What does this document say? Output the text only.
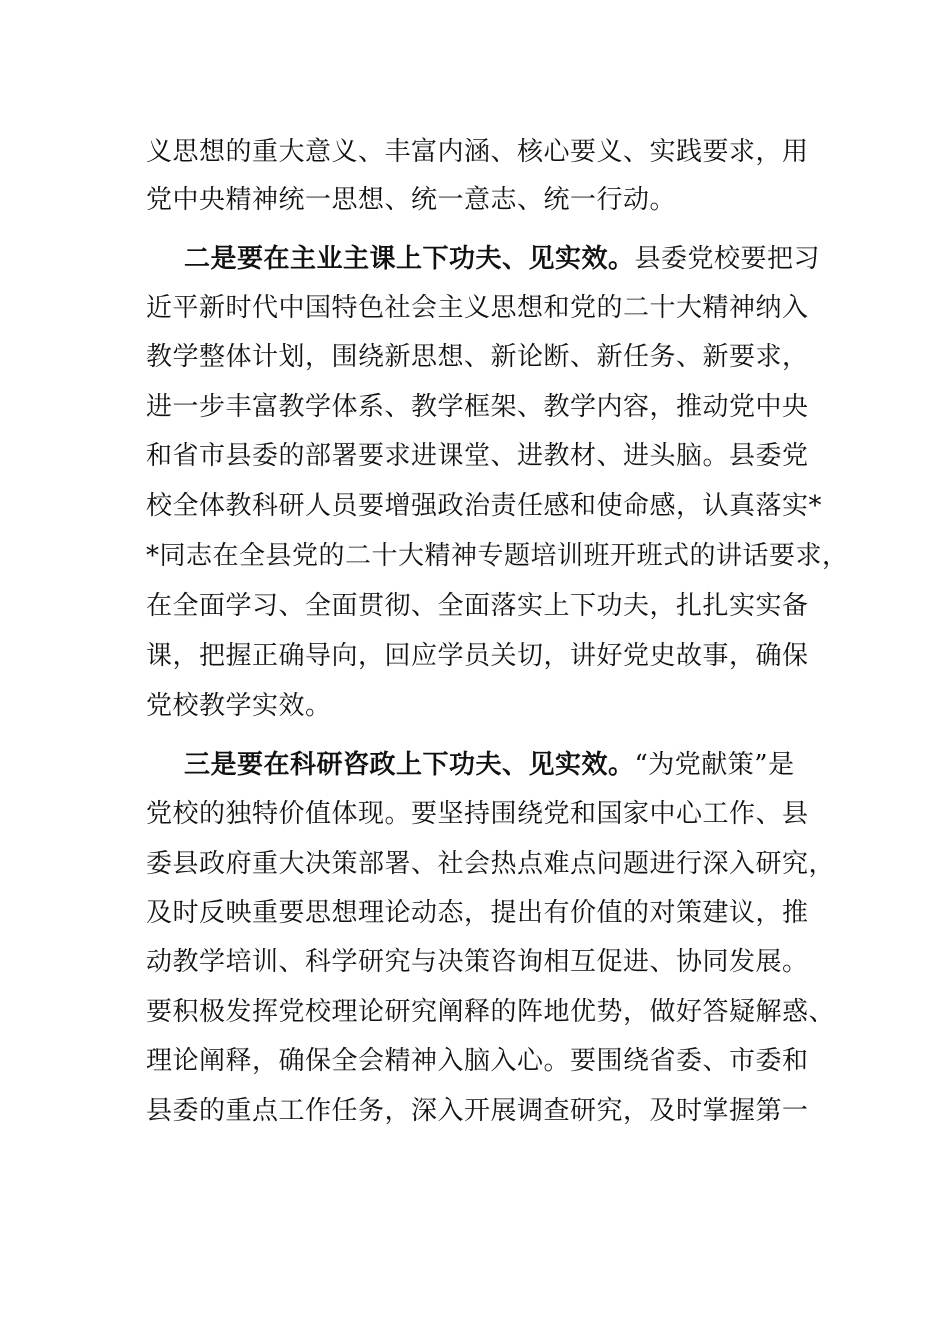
义思想的重大意义、丰富内涵、核心要义、实践要求，用
党中央精神统一思想、统一意志、统一行动。
二是要在主业主课上下功夫、见实效。县委党校要把习
近平新时代中国特色社会主义思想和党的二十大精神纳入
教学整体计划，围绕新思想、新论断、新任务、新要求，
进一步丰富教学体系、教学框架、教学内容，推动党中央
和省市县委的部署要求进课堂、进教材、进头脑。县委党
校全体教科研人员要增强政治责任感和使命感，认真落实*
*同志在全县党的二十大精神专题培训班开班式的讲话要求，
在全面学习、全面贯彻、全面落实上下功夫，扎扎实实备
课，把握正确导向，回应学员关切，讲好党史故事，确保
党校教学实效。
三是要在科研咨政上下功夫、见实效。“为党献策”是
党校的独特价值体现。要坚持围绕党和国家中心工作、县
委县政府重大决策部署、社会热点难点问题进行深入研究，
及时反映重要思想理论动态，提出有价值的对策建议，推
动教学培训、科学研究与决策咨询相互促进、协同发展。
要积极发挥党校理论研究阐释的阵地优势，做好答疑解惑、
理论阐释，确保全会精神入脑入心。要围绕省委、市委和
县委的重点工作任务，深入开展调查研究，及时掌握第一
